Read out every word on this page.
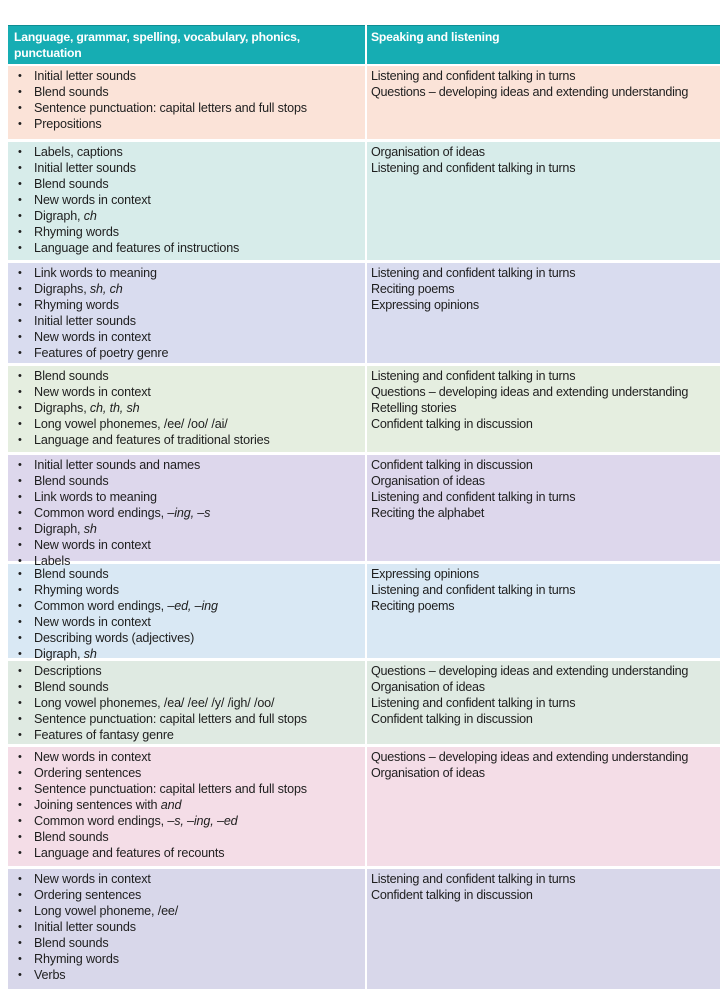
Language, grammar, spelling, vocabulary, phonics, punctuation
Speaking and listening
• Initial letter sounds
• Blend sounds
• Sentence punctuation: capital letters and full stops
• Prepositions
Listening and confident talking in turns
Questions – developing ideas and extending understanding
• Labels, captions
• Initial letter sounds
• Blend sounds
• New words in context
• Digraph, ch
• Rhyming words
• Language and features of instructions
Organisation of ideas
Listening and confident talking in turns
• Link words to meaning
• Digraphs, sh, ch
• Rhyming words
• Initial letter sounds
• New words in context
• Features of poetry genre
Listening and confident talking in turns
Reciting poems
Expressing opinions
• Blend sounds
• New words in context
• Digraphs, ch, th, sh
• Long vowel phonemes, /ee/ /oo/ /ai/
• Language and features of traditional stories
Listening and confident talking in turns
Questions – developing ideas and extending understanding
Retelling stories
Confident talking in discussion
• Initial letter sounds and names
• Blend sounds
• Link words to meaning
• Common word endings, –ing, –s
• Digraph, sh
• New words in context
• Labels
Confident talking in discussion
Organisation of ideas
Listening and confident talking in turns
Reciting the alphabet
• Blend sounds
• Rhyming words
• Common word endings, –ed, –ing
• New words in context
• Describing words (adjectives)
• Digraph, sh
Expressing opinions
Listening and confident talking in turns
Reciting poems
• Descriptions
• Blend sounds
• Long vowel phonemes, /ea/ /ee/ /y/ /igh/ /oo/
• Sentence punctuation: capital letters and full stops
• Features of fantasy genre
Questions – developing ideas and extending understanding
Organisation of ideas
Listening and confident talking in turns
Confident talking in discussion
• New words in context
• Ordering sentences
• Sentence punctuation: capital letters and full stops
• Joining sentences with and
• Common word endings, –s, –ing, –ed
• Blend sounds
• Language and features of recounts
Questions – developing ideas and extending understanding
Organisation of ideas
• New words in context
• Ordering sentences
• Long vowel phoneme, /ee/
• Initial letter sounds
• Blend sounds
• Rhyming words
• Verbs
Listening and confident talking in turns
Confident talking in discussion
